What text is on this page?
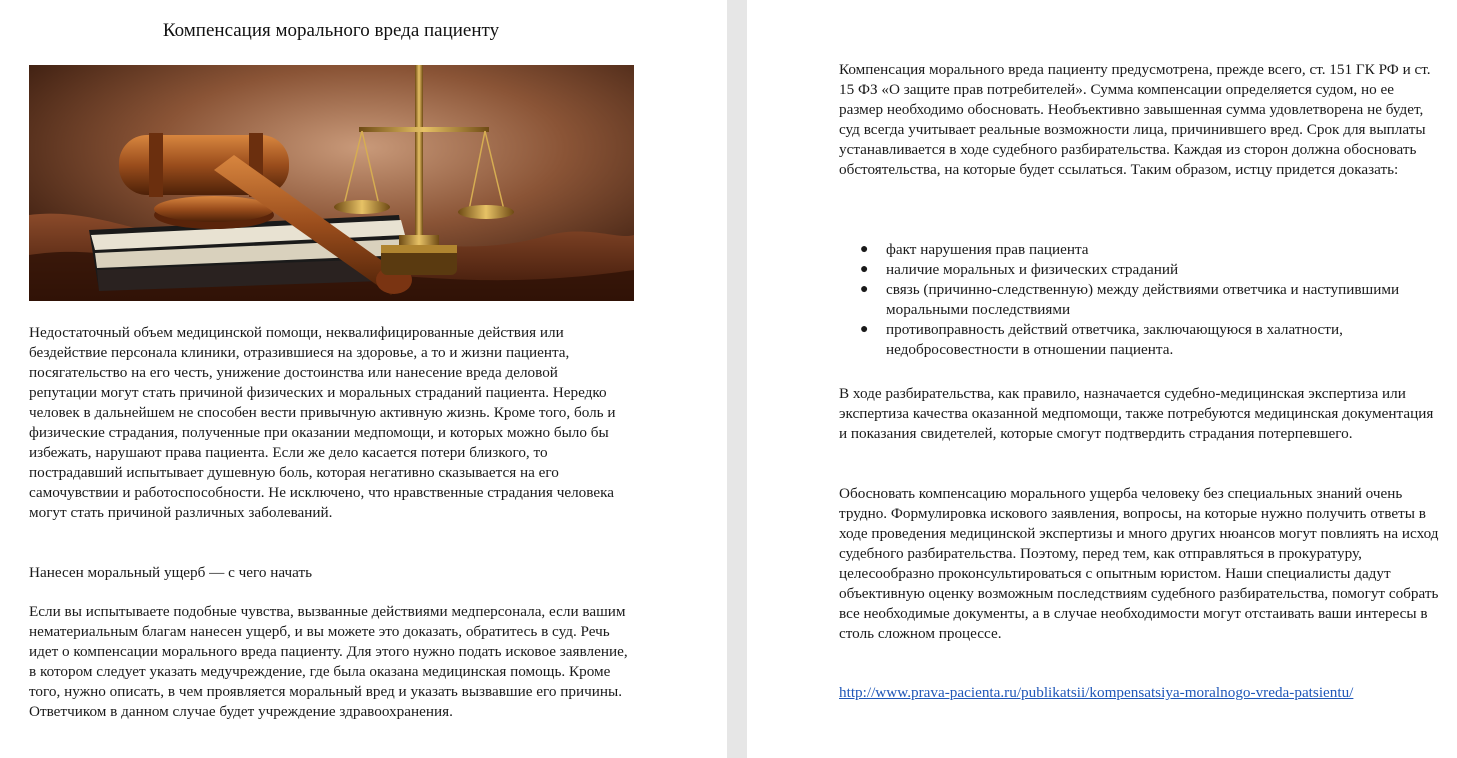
Компенсация морального вреда пациенту

Недостаточный объем медицинской помощи, неквалифицированные действия или бездействие персонала клиники, отразившиеся на здоровье, а то и жизни пациента, посягательство на его честь, унижение достоинства или нанесение вреда деловой репутации могут стать причиной физических и моральных страданий пациента. Нередко человек в дальнейшем не способен вести привычную активную жизнь. Кроме того, боль и физические страдания, полученные при оказании медпомощи, и которых можно было бы избежать, нарушают права пациента. Если же дело касается потери близкого, то пострадавший испытывает душевную боль, которая негативно сказывается на его самочувствии и работоспособности. Не исключено, что нравственные страдания человека могут стать причиной различных заболеваний.

Нанесен моральный ущерб — с чего начать

Если вы испытываете подобные чувства, вызванные действиями медперсонала, если вашим нематериальным благам нанесен ущерб, и вы можете это доказать, обратитесь в суд. Речь идет о компенсации морального вреда пациенту. Для этого нужно подать исковое заявление, в котором следует указать медучреждение, где была оказана медицинская помощь. Кроме того, нужно описать, в чем проявляется моральный вред и указать вызвавшие его причины. Ответчиком в данном случае будет учреждение здравоохранения.

Компенсация морального вреда пациенту предусмотрена, прежде всего, ст. 151 ГК РФ и ст. 15 ФЗ «О защите прав потребителей». Сумма компенсации определяется судом, но ее размер необходимо обосновать. Необъективно завышенная сумма удовлетворена не будет, суд всегда учитывает реальные возможности лица, причинившего вред. Срок для выплаты устанавливается в ходе судебного разбирательства. Каждая из сторон должна обосновать обстоятельства, на которые будет ссылаться. Таким образом, истцу придется доказать:

● факт нарушения прав пациента
● наличие моральных и физических страданий
● связь (причинно-следственную) между действиями ответчика и наступившими моральными последствиями
● противоправность действий ответчика, заключающуюся в халатности, недобросовестности в отношении пациента.

В ходе разбирательства, как правило, назначается судебно-медицинская экспертиза или экспертиза качества оказанной медпомощи, также потребуются медицинская документация и показания свидетелей, которые смогут подтвердить страдания потерпевшего.

Обосновать компенсацию морального ущерба человеку без специальных знаний очень трудно. Формулировка искового заявления, вопросы, на которые нужно получить ответы в ходе проведения медицинской экспертизы и много других нюансов могут повлиять на исход судебного разбирательства. Поэтому, перед тем, как отправляться в прокуратуру, целесообразно проконсультироваться с опытным юристом. Наши специалисты дадут объективную оценку возможным последствиям судебного разбирательства, помогут собрать все необходимые документы, а в случае необходимости могут отстаивать ваши интересы в столь сложном процессе.

http://www.prava-pacienta.ru/publikatsii/kompensatsiya-moralnogo-vreda-patsientu/
